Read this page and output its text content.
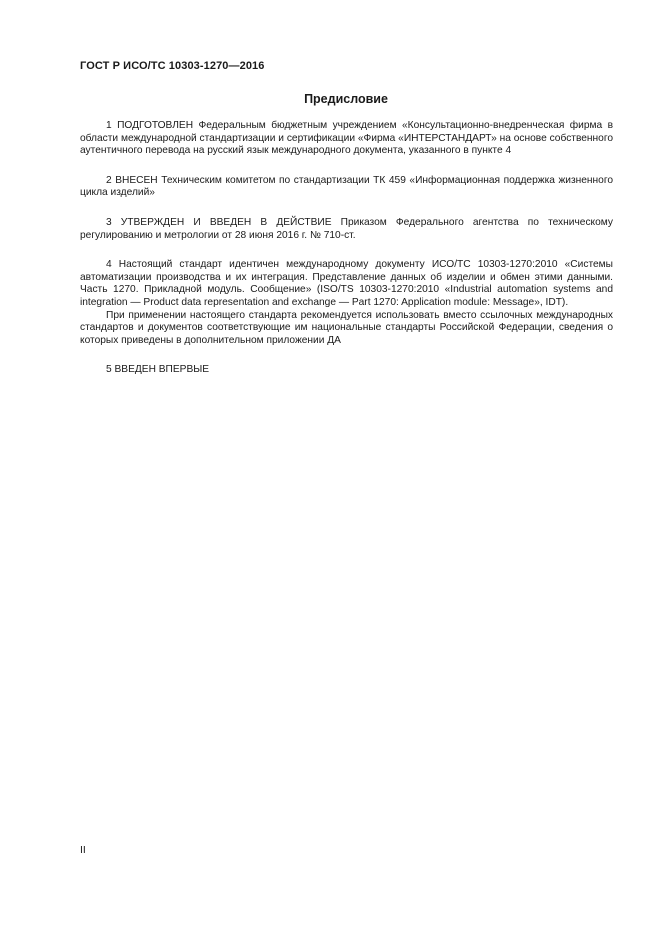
ГОСТ Р ИСО/ТС 10303-1270—2016
Предисловие

1 ПОДГОТОВЛЕН Федеральным бюджетным учреждением «Консультационно-внедренческая фирма в области международной стандартизации и сертификации «Фирма «ИНТЕРСТАНДАРТ» на основе собственного аутентичного перевода на русский язык международного документа, указанного в пункте 4

2 ВНЕСЕН Техническим комитетом по стандартизации ТК 459 «Информационная поддержка жизненного цикла изделий»

3 УТВЕРЖДЕН И ВВЕДЕН В ДЕЙСТВИЕ Приказом Федерального агентства по техническому регулированию и метрологии от 28 июня 2016 г. № 710-ст.

4 Настоящий стандарт идентичен международному документу ИСО/ТС 10303-1270:2010 «Системы автоматизации производства и их интеграция. Представление данных об изделии и обмен этими данными. Часть 1270. Прикладной модуль. Сообщение» (ISO/TS 10303-1270:2010 «Industrial automation systems and integration — Product data representation and exchange — Part 1270: Application module: Message», IDT).

При применении настоящего стандарта рекомендуется использовать вместо ссылочных международных стандартов и документов соответствующие им национальные стандарты Российской Федерации, сведения о которых приведены в дополнительном приложении ДА

5 ВВЕДЕН ВПЕРВЫЕ

II
